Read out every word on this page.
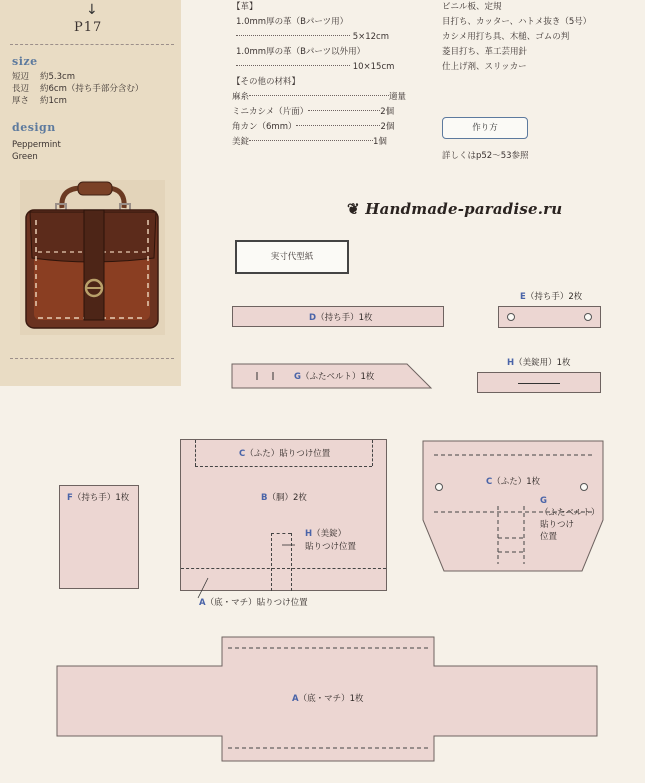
↓
P17
size
短辺 約5.3cm
長辺 約6cm（持ち手部分含む）
厚さ 約1cm
design
Peppermint
Green
【革】
1.0mm厚の革（Bパーツ用）
5×12cm
1.0mm厚の革（Bパーツ以外用）
10×15cm
【その他の材料】
麻糸	適量
ミニカシメ（片面）	2個
角カン（6mm）	2個
美錠	1個
ビニル板、定規
目打ち、カッター、ハトメ抜き（5号）
カシメ用打ち具、木槌、ゴムの判
菱目打ち、革工芸用針
仕上げ剤、スリッカー
作り方
詳しくはp52～53参照
❦ Handmade-paradise.ru
実寸代型紙
D（持ち手）1枚
E（持ち手）2枚
G（ふたベルト）1枚
H（美錠用）1枚
F（持ち手）1枚
C（ふた）貼りつけ位置
B（胴）2枚
H（美錠）
貼りつけ位置
A（底・マチ）貼りつけ位置
C（ふた）1枚
G
（ふたベルト）
貼りつけ
位置
A（底・マチ）1枚
